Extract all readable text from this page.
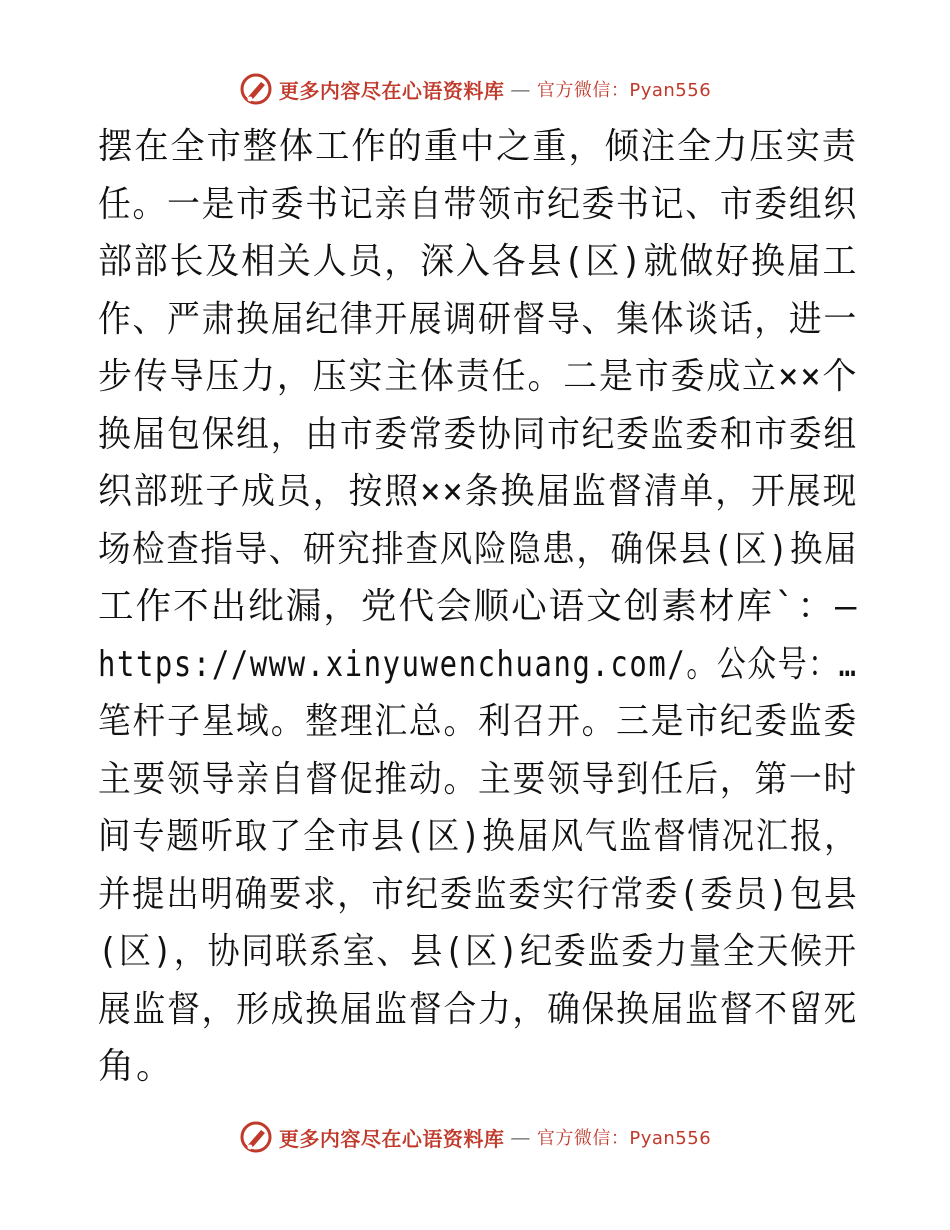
更多内容尽在心语资料库 — 官方微信：Pyan556
摆在全市整体工作的重中之重，倾注全力压实责
任。一是市委书记亲自带领市纪委书记、市委组织
部部长及相关人员，深入各县(区)就做好换届工
作、严肃换届纪律开展调研督导、集体谈话，进一
步传导压力，压实主体责任。二是市委成立××个
换届包保组，由市委常委协同市纪委监委和市委组
织部班子成员，按照××条换届监督清单，开展现
场检查指导、研究排查风险隐患，确保县(区)换届
工作不出纰漏，党代会顺心语文创素材库`：—
https://www.xinyuwenchuang.com/。公众号：…
笔杆子星域。整理汇总。利召开。三是市纪委监委
主要领导亲自督促推动。主要领导到任后，第一时
间专题听取了全市县(区)换届风气监督情况汇报，
并提出明确要求，市纪委监委实行常委(委员)包县
(区)，协同联系室、县(区)纪委监委力量全天候开
展监督，形成换届监督合力，确保换届监督不留死
角。
更多内容尽在心语资料库 — 官方微信：Pyan556
